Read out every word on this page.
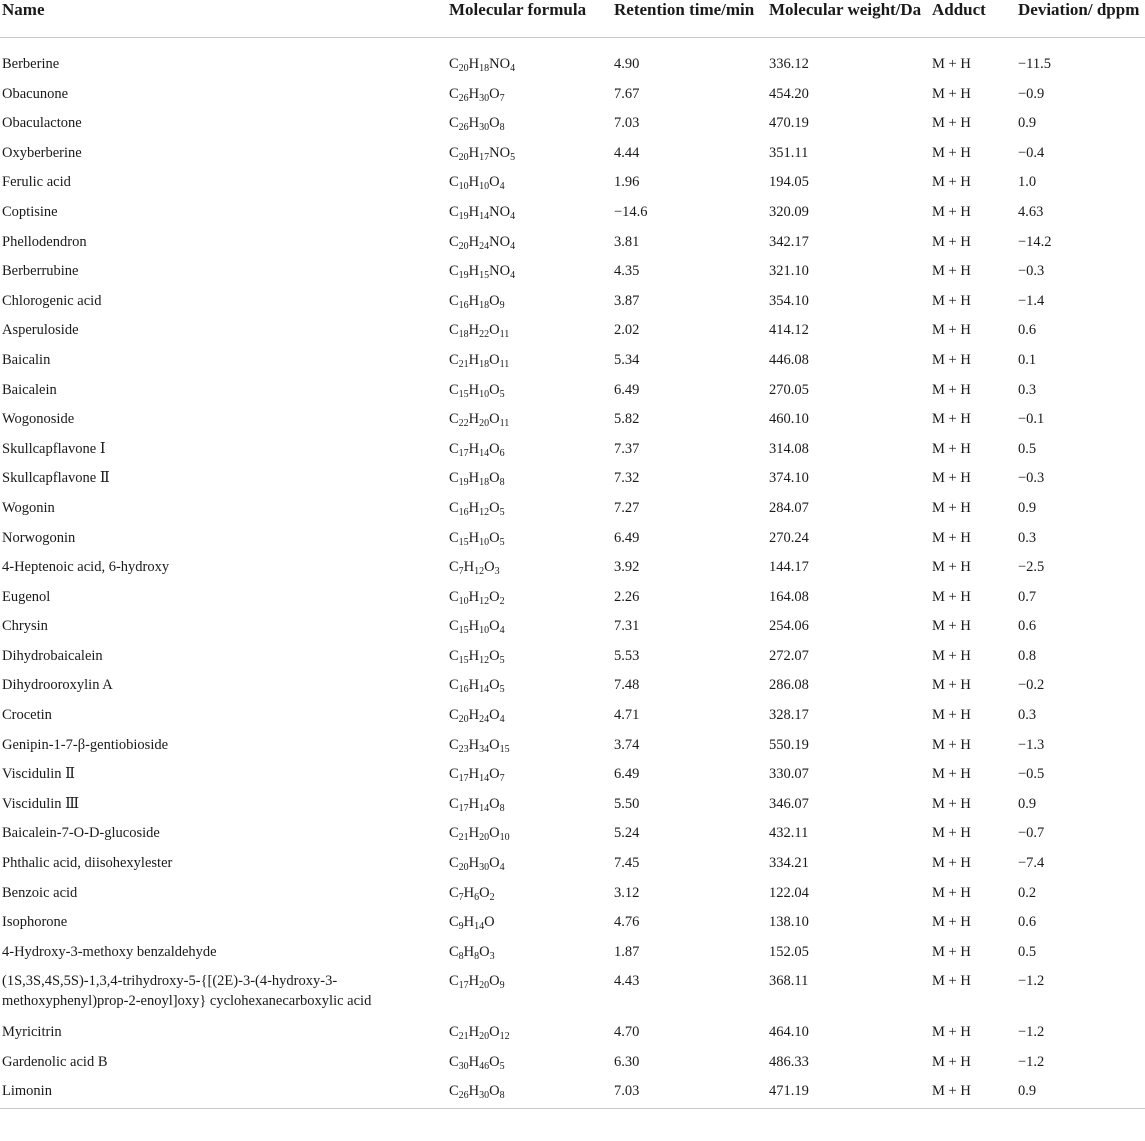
Name	Molecular formula	Retention time/min	Molecular weight/Da	Adduct	Deviation/ dppm
Berberine	$C_{20}H_{18}NO_4$	4.90	336.12	M + H	−11.5
Obacunone	$C_{26}H_{30}O_7$	7.67	454.20	M + H	−0.9
Obaculactone	$C_{26}H_{30}O_8$	7.03	470.19	M + H	0.9
Oxyberberine	$C_{20}H_{17}NO_5$	4.44	351.11	M + H	−0.4
Ferulic acid	$C_{10}H_{10}O_4$	1.96	194.05	M + H	1.0
Coptisine	$C_{19}H_{14}NO_4$	−14.6	320.09	M + H	4.63
Phellodendron	$C_{20}H_{24}NO_4$	3.81	342.17	M + H	−14.2
Berberrubine	$C_{19}H_{15}NO_4$	4.35	321.10	M + H	−0.3
Chlorogenic acid	$C_{16}H_{18}O_9$	3.87	354.10	M + H	−1.4
Asperuloside	$C_{18}H_{22}O_{11}$	2.02	414.12	M + H	0.6
Baicalin	$C_{21}H_{18}O_{11}$	5.34	446.08	M + H	0.1
Baicalein	$C_{15}H_{10}O_5$	6.49	270.05	M + H	0.3
Wogonoside	$C_{22}H_{20}O_{11}$	5.82	460.10	M + H	−0.1
Skullcapflavone Ⅰ	$C_{17}H_{14}O_6$	7.37	314.08	M + H	0.5
Skullcapflavone Ⅱ	$C_{19}H_{18}O_8$	7.32	374.10	M + H	−0.3
Wogonin	$C_{16}H_{12}O_5$	7.27	284.07	M + H	0.9
Norwogonin	$C_{15}H_{10}O_5$	6.49	270.24	M + H	0.3
4-Heptenoic acid, 6-hydroxy	$C_7H_{12}O_3$	3.92	144.17	M + H	−2.5
Eugenol	$C_{10}H_{12}O_2$	2.26	164.08	M + H	0.7
Chrysin	$C_{15}H_{10}O_4$	7.31	254.06	M + H	0.6
Dihydrobaicalein	$C_{15}H_{12}O_5$	5.53	272.07	M + H	0.8
Dihydrooroxylin A	$C_{16}H_{14}O_5$	7.48	286.08	M + H	−0.2
Crocetin	$C_{20}H_{24}O_4$	4.71	328.17	M + H	0.3
Genipin-1-7-β-gentiobioside	$C_{23}H_{34}O_{15}$	3.74	550.19	M + H	−1.3
Viscidulin Ⅱ	$C_{17}H_{14}O_7$	6.49	330.07	M + H	−0.5
Viscidulin Ⅲ	$C_{17}H_{14}O_8$	5.50	346.07	M + H	0.9
Baicalein-7-O-D-glucoside	$C_{21}H_{20}O_{10}$	5.24	432.11	M + H	−0.7
Phthalic acid, diisohexylester	$C_{20}H_{30}O_4$	7.45	334.21	M + H	−7.4
Benzoic acid	$C_7H_6O_2$	3.12	122.04	M + H	0.2
Isophorone	$C_9H_{14}O$	4.76	138.10	M + H	0.6
4-Hydroxy-3-methoxy benzaldehyde	$C_8H_8O_3$	1.87	152.05	M + H	0.5
(1S,3S,4S,5S)-1,3,4-trihydroxy-5-{[(2E)-3-(4-hydroxy-3-methoxyphenyl)prop-2-enoyl]oxy} cyclohexanecarboxylic acid	$C_{17}H_{20}O_9$	4.43	368.11	M + H	−1.2
Myricitrin	$C_{21}H_{20}O_{12}$	4.70	464.10	M + H	−1.2
Gardenolic acid B	$C_{30}H_{46}O_5$	6.30	486.33	M + H	−1.2
Limonin	$C_{26}H_{30}O_8$	7.03	471.19	M + H	0.9
